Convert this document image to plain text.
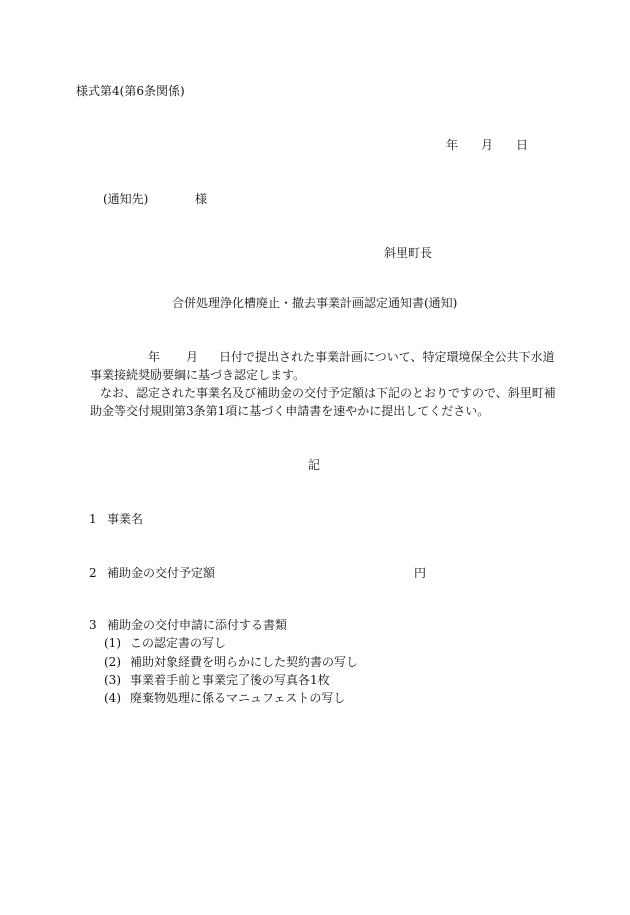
様式第4(第6条関係)
年 月 日
(通知先)	様
斜里町長
合併処理浄化槽廃止・撤去事業計画認定通知書(通知)
年 月 日付で提出された事業計画について、特定環境保全公共下水道
事業接続奨励要綱に基づき認定します。
なお、認定された事業名及び補助金の交付予定額は下記のとおりですので、斜里町補
助金等交付規則第3条第1項に基づく申請書を速やかに提出してください。
記
1 事業名
2 補助金の交付予定額	円
3 補助金の交付申請に添付する書類
(1) この認定書の写し
(2) 補助対象経費を明らかにした契約書の写し
(3) 事業着手前と事業完了後の写真各1枚
(4) 廃棄物処理に係るマニュフェストの写し
